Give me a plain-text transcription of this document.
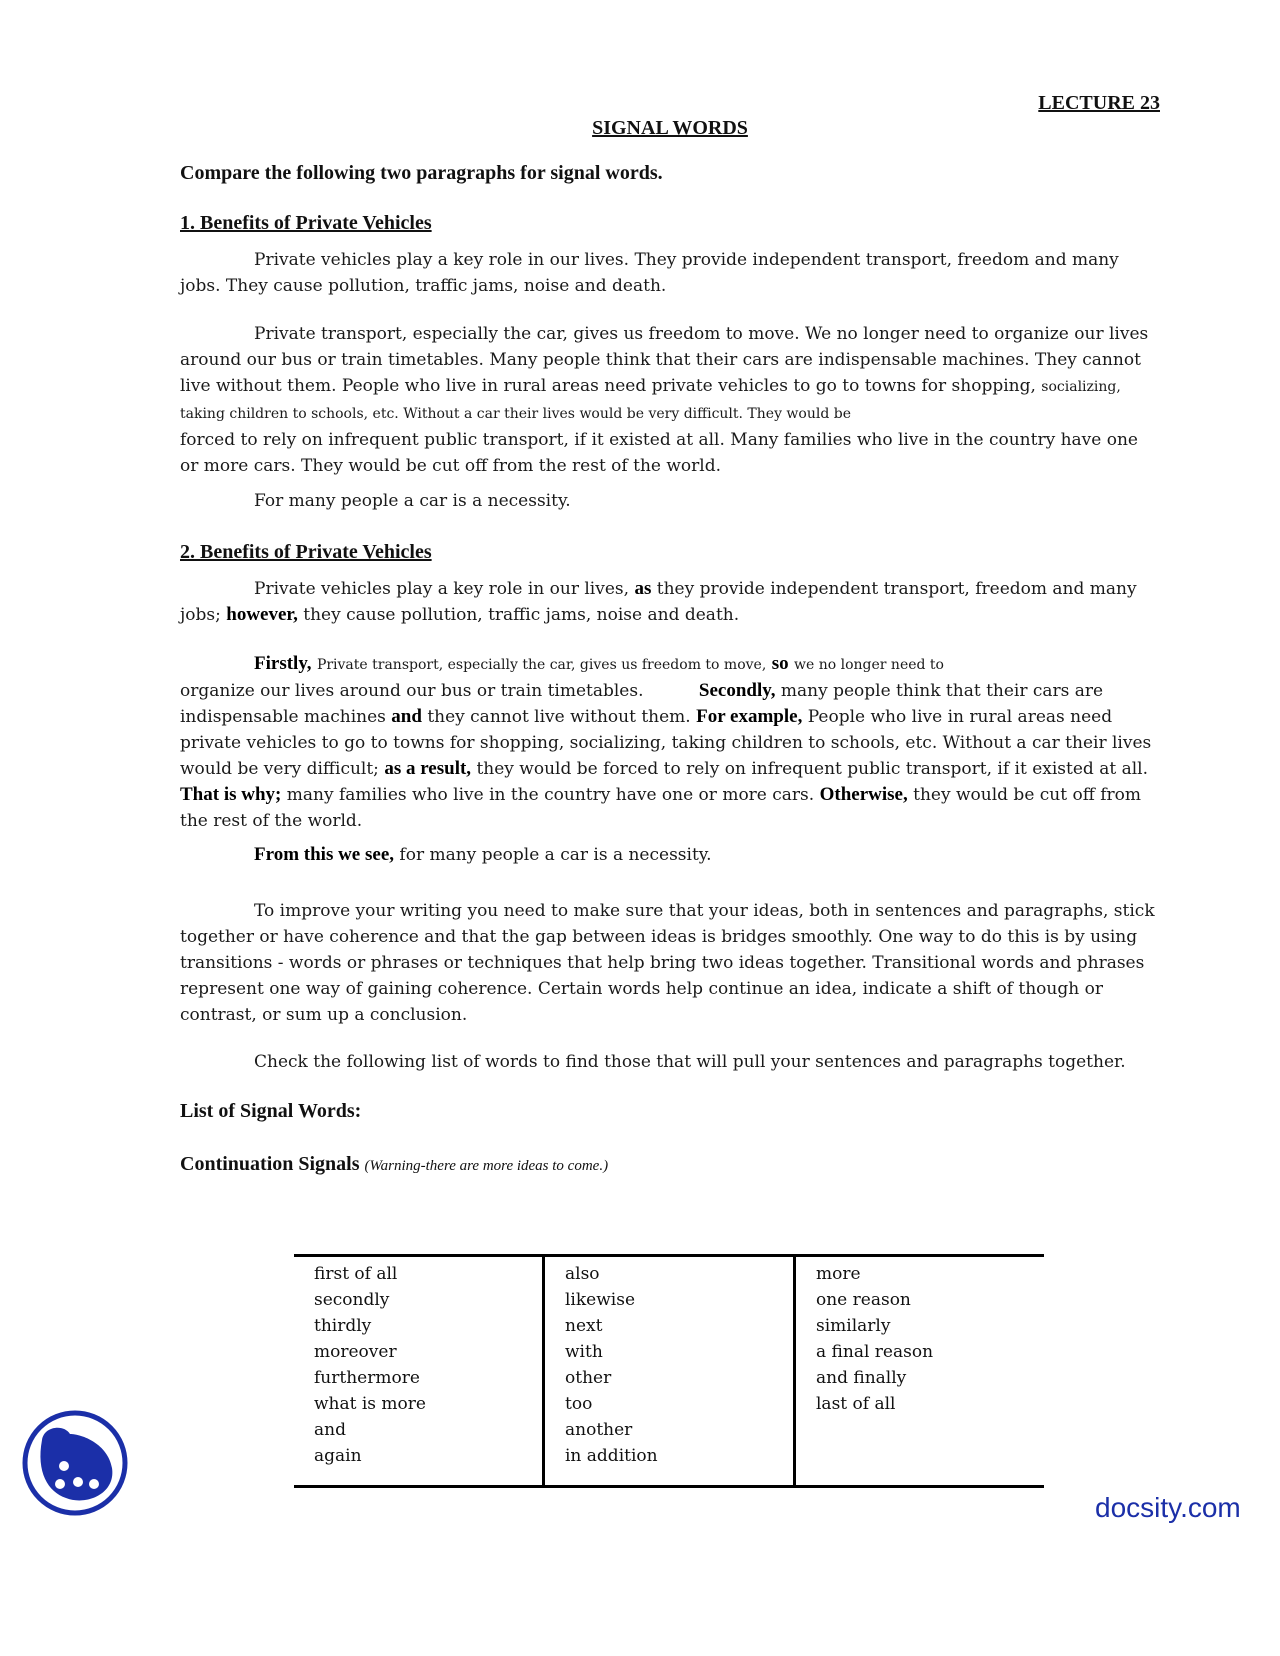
LECTURE 23
SIGNAL WORDS
Compare the following two paragraphs for signal words.
1. Benefits of Private Vehicles
Private vehicles play a key role in our lives. They provide independent transport, freedom and many jobs. They cause pollution, traffic jams, noise and death.
Private transport, especially the car, gives us freedom to move. We no longer need to organize our lives around our bus or train timetables. Many people think that their cars are indispensable machines. They cannot live without them. People who live in rural areas need private vehicles to go to towns for shopping, socializing, taking children to schools, etc. Without a car their lives would be very difficult. They would be
forced to rely on infrequent public transport, if it existed at all. Many families who live in the country have one or more cars. They would be cut off from the rest of the world.
For many people a car is a necessity.
2. Benefits of Private Vehicles
Private vehicles play a key role in our lives, as they provide independent transport, freedom and many jobs; however, they cause pollution, traffic jams, noise and death.
Firstly, Private transport, especially the car, gives us freedom to move, so we no longer need to
organize our lives around our bus or train timetables.	Secondly, many people think that their cars are indispensable machines and they cannot live without them. For example, People who live in rural areas need private vehicles to go to towns for shopping, socializing, taking children to schools, etc. Without a car their lives would be very difficult; as a result, they would be forced to rely on infrequent public transport, if it existed at all. That is why; many families who live in the country have one or more cars. Otherwise, they would be cut off from the rest of the world.
From this we see, for many people a car is a necessity.
To improve your writing you need to make sure that your ideas, both in sentences and paragraphs, stick together or have coherence and that the gap between ideas is bridges smoothly. One way to do this is by using transitions - words or phrases or techniques that help bring two ideas together. Transitional words and phrases represent one way of gaining coherence. Certain words help continue an idea, indicate a shift of though or contrast, or sum up a conclusion.
Check the following list of words to find those that will pull your sentences and paragraphs together.
List of Signal Words:
Continuation Signals (Warning-there are more ideas to come.)
first of all
secondly
thirdly
moreover
furthermore
what is more
and
again
also
likewise
next
with
other
too
another
in addition
more
one reason
similarly
a final reason
and finally
last of all
docsity.com
